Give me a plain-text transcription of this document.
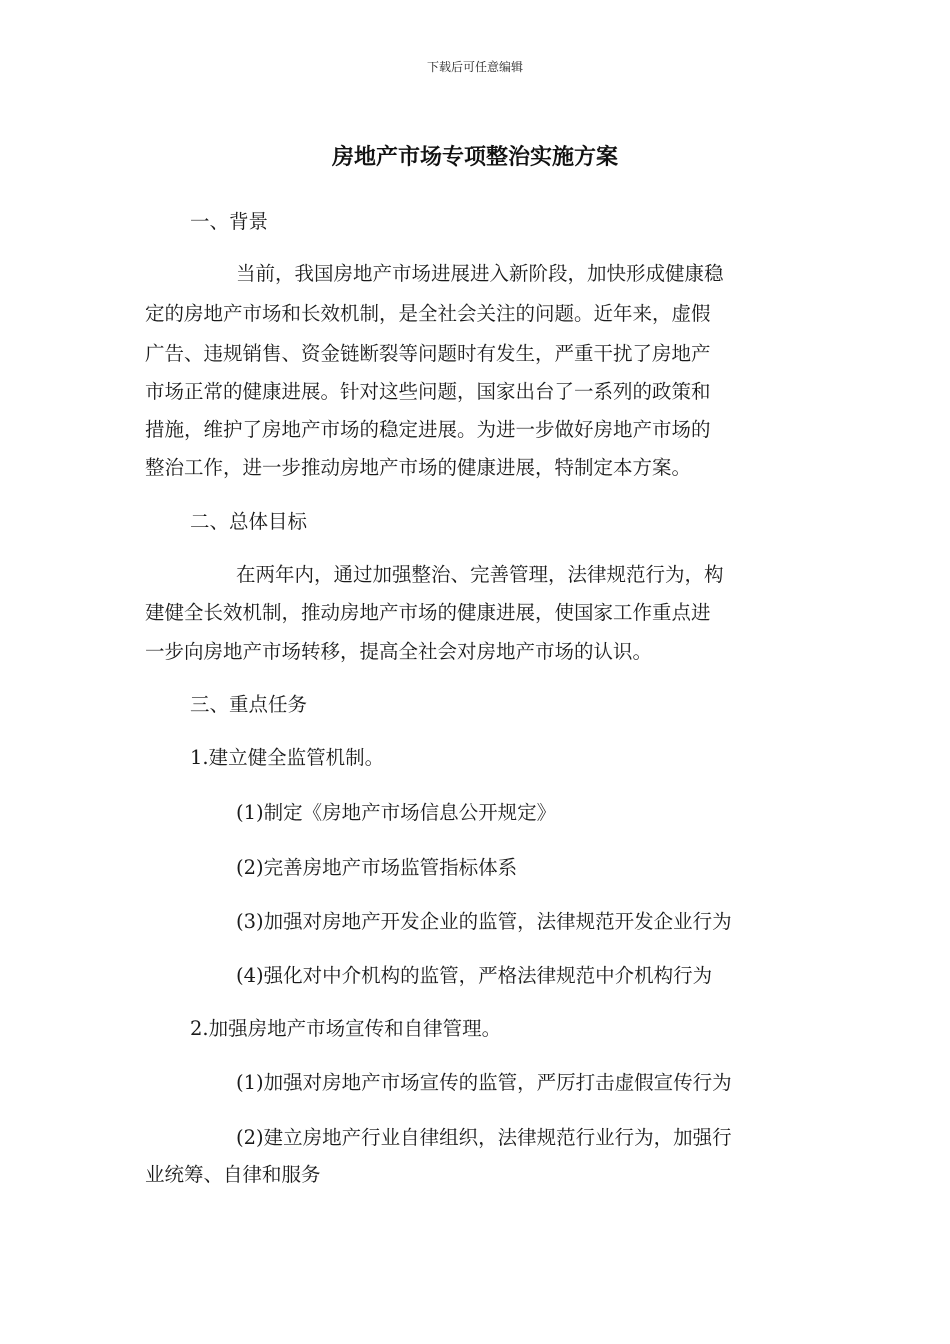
下载后可任意编辑
房地产市场专项整治实施方案
一、背景
当前，我国房地产市场进展进入新阶段，加快形成健康稳
定的房地产市场和长效机制，是全社会关注的问题。近年来，虚假
广告、违规销售、资金链断裂等问题时有发生，严重干扰了房地产
市场正常的健康进展。针对这些问题，国家出台了一系列的政策和
措施，维护了房地产市场的稳定进展。为进一步做好房地产市场的
整治工作，进一步推动房地产市场的健康进展，特制定本方案。
二、总体目标
在两年内，通过加强整治、完善管理，法律规范行为，构
建健全长效机制，推动房地产市场的健康进展，使国家工作重点进
一步向房地产市场转移，提高全社会对房地产市场的认识。
三、重点任务
1.建立健全监管机制。
(1)制定《房地产市场信息公开规定》
(2)完善房地产市场监管指标体系
(3)加强对房地产开发企业的监管，法律规范开发企业行为
(4)强化对中介机构的监管，严格法律规范中介机构行为
2.加强房地产市场宣传和自律管理。
(1)加强对房地产市场宣传的监管，严厉打击虚假宣传行为
(2)建立房地产行业自律组织，法律规范行业行为，加强行
业统筹、自律和服务
